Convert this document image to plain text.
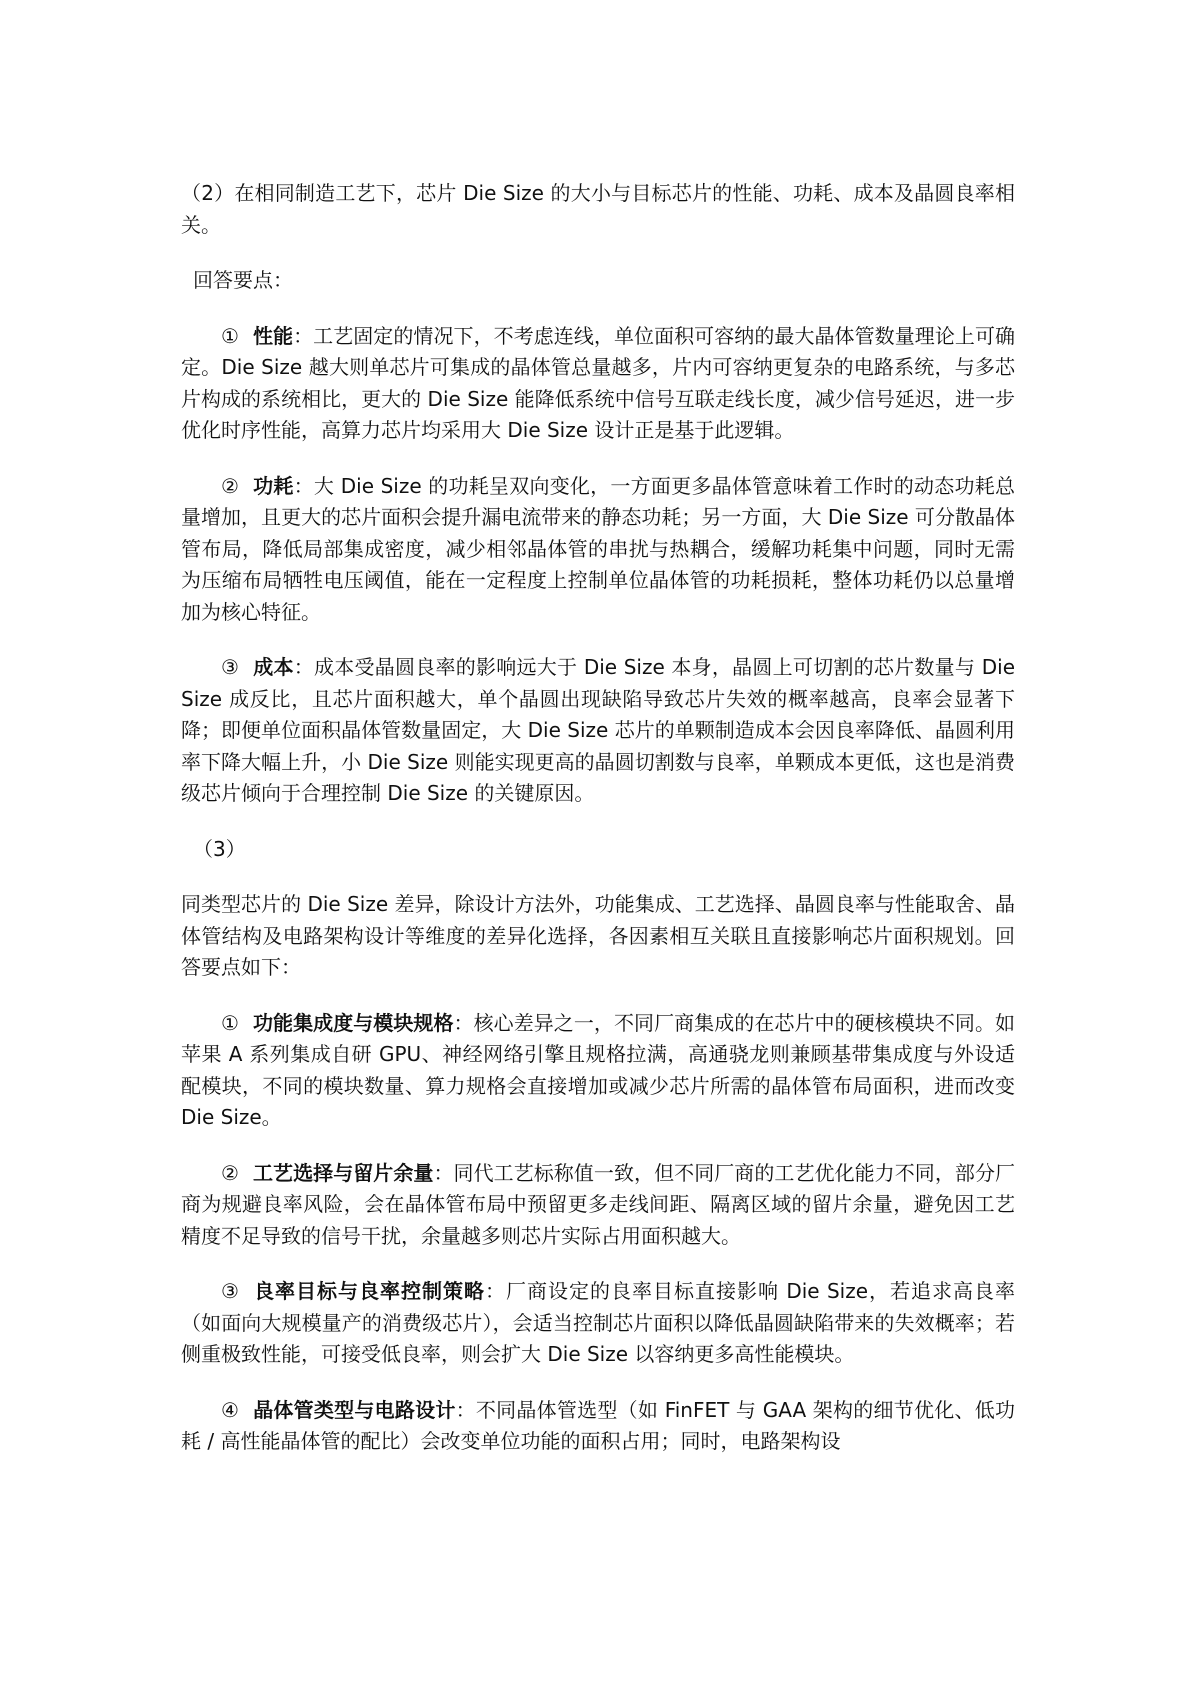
（2）在相同制造工艺下，芯片 Die Size 的大小与目标芯片的性能、功耗、成本及晶圆良率相关。

回答要点：

① 性能：工艺固定的情况下，不考虑连线，单位面积可容纳的最大晶体管数量理论上可确定。Die Size 越大则单芯片可集成的晶体管总量越多，片内可容纳更复杂的电路系统，与多芯片构成的系统相比，更大的 Die Size 能降低系统中信号互联走线长度，减少信号延迟，进一步优化时序性能，高算力芯片均采用大 Die Size 设计正是基于此逻辑。

② 功耗：大 Die Size 的功耗呈双向变化，一方面更多晶体管意味着工作时的动态功耗总量增加，且更大的芯片面积会提升漏电流带来的静态功耗；另一方面，大 Die Size 可分散晶体管布局，降低局部集成密度，减少相邻晶体管的串扰与热耦合，缓解功耗集中问题，同时无需为压缩布局牺牲电压阈值，能在一定程度上控制单位晶体管的功耗损耗，整体功耗仍以总量增加为核心特征。

③ 成本：成本受晶圆良率的影响远大于 Die Size 本身，晶圆上可切割的芯片数量与 Die Size 成反比，且芯片面积越大，单个晶圆出现缺陷导致芯片失效的概率越高，良率会显著下降；即便单位面积晶体管数量固定，大 Die Size 芯片的单颗制造成本会因良率降低、晶圆利用率下降大幅上升，小 Die Size 则能实现更高的晶圆切割数与良率，单颗成本更低，这也是消费级芯片倾向于合理控制 Die Size 的关键原因。

（3）

同类型芯片的 Die Size 差异，除设计方法外，功能集成、工艺选择、晶圆良率与性能取舍、晶体管结构及电路架构设计等维度的差异化选择，各因素相互关联且直接影响芯片面积规划。回答要点如下：

① 功能集成度与模块规格：核心差异之一，不同厂商集成的在芯片中的硬核模块不同。如苹果 A 系列集成自研 GPU、神经网络引擎且规格拉满，高通骁龙则兼顾基带集成度与外设适配模块，不同的模块数量、算力规格会直接增加或减少芯片所需的晶体管布局面积，进而改变 Die Size。

② 工艺选择与留片余量：同代工艺标称值一致，但不同厂商的工艺优化能力不同，部分厂商为规避良率风险，会在晶体管布局中预留更多走线间距、隔离区域的留片余量，避免因工艺精度不足导致的信号干扰，余量越多则芯片实际占用面积越大。

③ 良率目标与良率控制策略：厂商设定的良率目标直接影响 Die Size，若追求高良率（如面向大规模量产的消费级芯片），会适当控制芯片面积以降低晶圆缺陷带来的失效概率；若侧重极致性能，可接受低良率，则会扩大 Die Size 以容纳更多高性能模块。

④ 晶体管类型与电路设计：不同晶体管选型（如 FinFET 与 GAA 架构的细节优化、低功耗 / 高性能晶体管的配比）会改变单位功能的面积占用；同时，电路架构设
